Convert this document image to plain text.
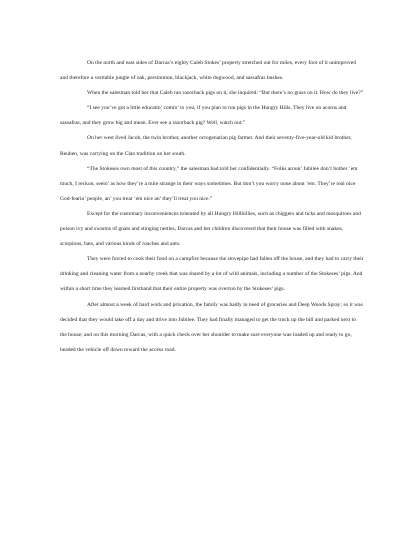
On the north and east sides of Darcas’s eighty Caleb Stokes’ property stretched out for miles, every foot of it unimproved and therefore a veritable jungle of oak, persimmon, blackjack, white dogwood, and sassafras bushes.

When the salesman told her that Caleb ran razorback pigs on it, she inquired: “But there’s no grass on it. How do they live?”

“I see you’ve got a little educatin’ comin’ to you, if you plan to run pigs in the Hungry Hills. They live on acorns and sassafras, and they grow big and mean. Ever see a razorback pig? Well, watch out.”

On her west lived Jacob, the twin brother, another octogenarian pig farmer. And their seventy-five-year-old kid brother, Reuben, was carrying on the Clan tradition on her south.

“The Stokeses own most of this country,” the salesman had told her confidentially. “Folks aroun’ Jubilee don’t bother ’em much, I reckon, seein’ as how they’re a mite strange in their ways sometimes. But don’t you worry none about ’em. They’re real nice God-fearin’ people, an’ you treat ’em nice an’ they’ll treat you nice.”

Except for the customary inconveniences tolerated by all Hungry Hillbillies, such as chiggers and ticks and mosquitoes and poison ivy and swarms of gnats and stinging nettles, Darcas and her children discovered that their house was filled with snakes, scorpions, bats, and various kinds of roaches and ants.

They were forced to cook their food on a campfire because the stovepipe had fallen off the house, and they had to carry their drinking and cleaning water from a nearby creek that was shared by a lot of wild animals, including a number of the Stokeses’ pigs. And within a short time they learned firsthand that their entire property was overrun by the Stokeses’ pigs.

After almost a week of hard work and privation, the family was badly in need of groceries and Deep Woods Spray; so it was decided that they would take off a day and drive into Jubilee. They had finally managed to get the truck up the hill and parked next to the house; and on this morning Darcas, with a quick check over her shoulder to make sure everyone was loaded up and ready to go, headed the vehicle off down toward the access road.
